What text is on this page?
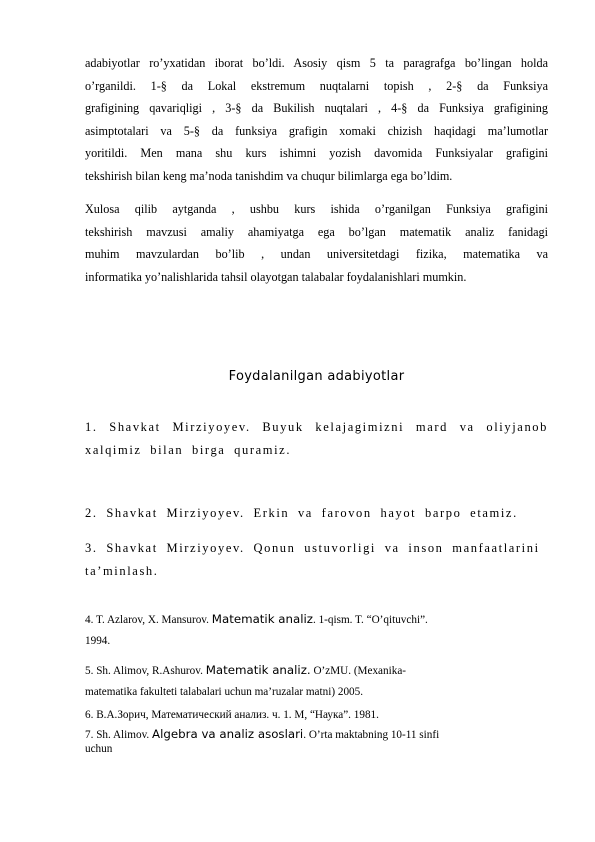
adabiyotlar ro’yxatidan iborat bo’ldi. Asosiy qism 5 ta paragrafga bo’lingan holda
o’rganildi. 1-§ da Lokal ekstremum nuqtalarni topish , 2-§ da Funksiya
grafigining qavariqligi , 3-§ da Bukilish nuqtalari , 4-§ da Funksiya grafigining
asimptotalari va 5-§ da funksiya grafigin xomaki chizish haqidagi ma’lumotlar
yoritildi. Men mana shu kurs ishimni yozish davomida Funksiyalar grafigini
tekshirish bilan keng ma’noda tanishdim va chuqur bilimlarga ega bo’ldim.
Xulosa qilib aytganda , ushbu kurs ishida o’rganilgan Funksiya grafigini
tekshirish mavzusi amaliy ahamiyatga ega bo’lgan matematik analiz fanidagi
muhim mavzulardan bo’lib , undan universitetdagi fizika, matematika va
informatika yo’nalishlarida tahsil olayotgan talabalar foydalanishlari mumkin.
Foydalanilgan adabiyotlar
1. Shavkat Mirziyoyev. Buyuk kelajagimizni mard va oliyjanob
xalqimiz bilan birga quramiz.
2. Shavkat Mirziyoyev. Erkin va farovon hayot barpo etamiz.
3. Shavkat Mirziyoyev. Qonun ustuvorligi va inson manfaatlarini
ta’minlash.
4. T. Azlarov, X. Mansurov. Matematik analiz. 1-qism. T. “O’qituvchi”.
1994.
5. Sh. Alimov, R.Ashurov. Matematik analiz. O’zMU. (Mexanika-
matematika fakulteti talabalari uchun ma’ruzalar matni) 2005.
6. В.А.Зорич, Математический анализ. ч. 1. М, “Наука”. 1981.
7. Sh. Alimov. Algebra va analiz asoslari. O’rta maktabning 10-11 sinfi
uchun
